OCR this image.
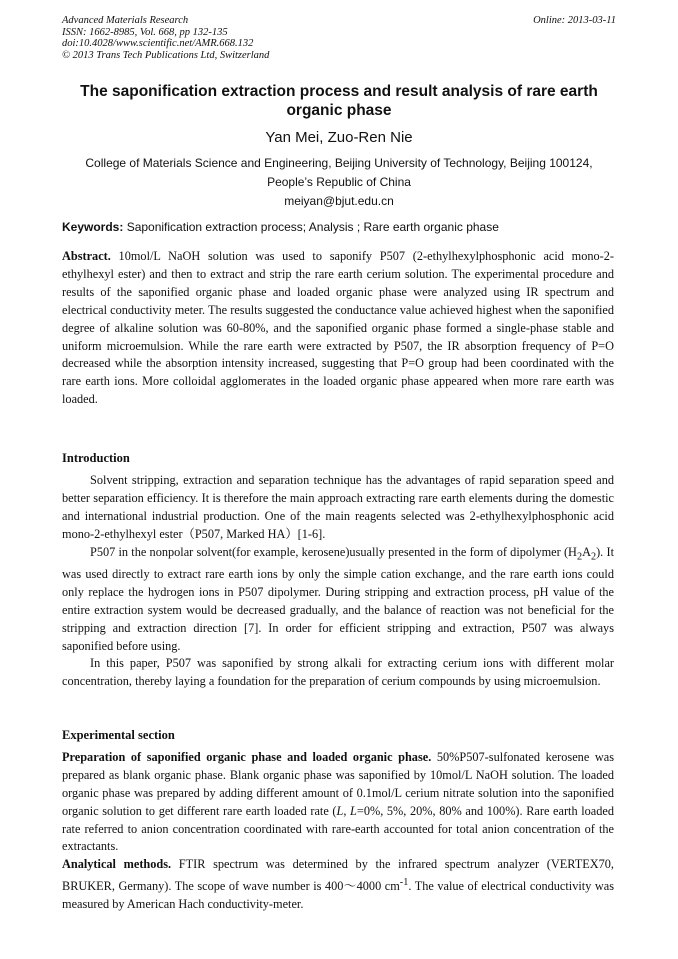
Advanced Materials Research
ISSN: 1662-8985, Vol. 668, pp 132-135
doi:10.4028/www.scientific.net/AMR.668.132
© 2013 Trans Tech Publications Ltd, Switzerland
Online: 2013-03-11
The saponification extraction process and result analysis of rare earth
organic phase
Yan Mei, Zuo-Ren Nie
College of Materials Science and Engineering, Beijing University of Technology, Beijing 100124,
People’s Republic of China
meiyan@bjut.edu.cn
Keywords: Saponification extraction process; Analysis ; Rare earth organic phase

Abstract. 10mol/L NaOH solution was used to saponify P507 (2-ethylhexylphosphonic acid mono-2-ethylhexyl ester) and then to extract and strip the rare earth cerium solution. The experimental procedure and results of the saponified organic phase and loaded organic phase were analyzed using IR spectrum and electrical conductivity meter. The results suggested the conductance value achieved highest when the saponified degree of alkaline solution was 60-80%, and the saponified organic phase formed a single-phase stable and uniform microemulsion. While the rare earth were extracted by P507, the IR absorption frequency of P=O decreased while the absorption intensity increased, suggesting that P=O group had been coordinated with the rare earth ions. More colloidal agglomerates in the loaded organic phase appeared when more rare earth was loaded.

Introduction

Solvent stripping, extraction and separation technique has the advantages of rapid separation speed and better separation efficiency. It is therefore the main approach extracting rare earth elements during the domestic and international industrial production. One of the main reagents selected was 2-ethylhexylphosphonic acid mono-2-ethylhexyl ester（P507, Marked HA）[1-6].

P507 in the nonpolar solvent(for example, kerosene)usually presented in the form of dipolymer $(H_2A_2)$. It was used directly to extract rare earth ions by only the simple cation exchange, and the rare earth ions could only replace the hydrogen ions in P507 dipolymer. During stripping and extraction process, pH value of the entire extraction system would be decreased gradually, and the balance of reaction was not beneficial for the stripping and extraction direction [7]. In order for efficient stripping and extraction, P507 was always saponified before using.

In this paper, P507 was saponified by strong alkali for extracting cerium ions with different molar concentration, thereby laying a foundation for the preparation of cerium compounds by using microemulsion.

Experimental section

Preparation of saponified organic phase and loaded organic phase. 50%P507-sulfonated kerosene was prepared as blank organic phase. Blank organic phase was saponified by 10mol/L NaOH solution. The loaded organic phase was prepared by adding different amount of 0.1mol/L cerium nitrate solution into the saponified organic solution to get different rare earth loaded rate (L, L=0%, 5%, 20%, 80% and 100%). Rare earth loaded rate referred to anion concentration coordinated with rare-earth accounted for total anion concentration of the extractants.

Analytical methods. FTIR spectrum was determined by the infrared spectrum analyzer (VERTEX70, BRUKER, Germany). The scope of wave number is 400～4000 $cm^{-1}$. The value of electrical conductivity was measured by American Hach conductivity-meter.
